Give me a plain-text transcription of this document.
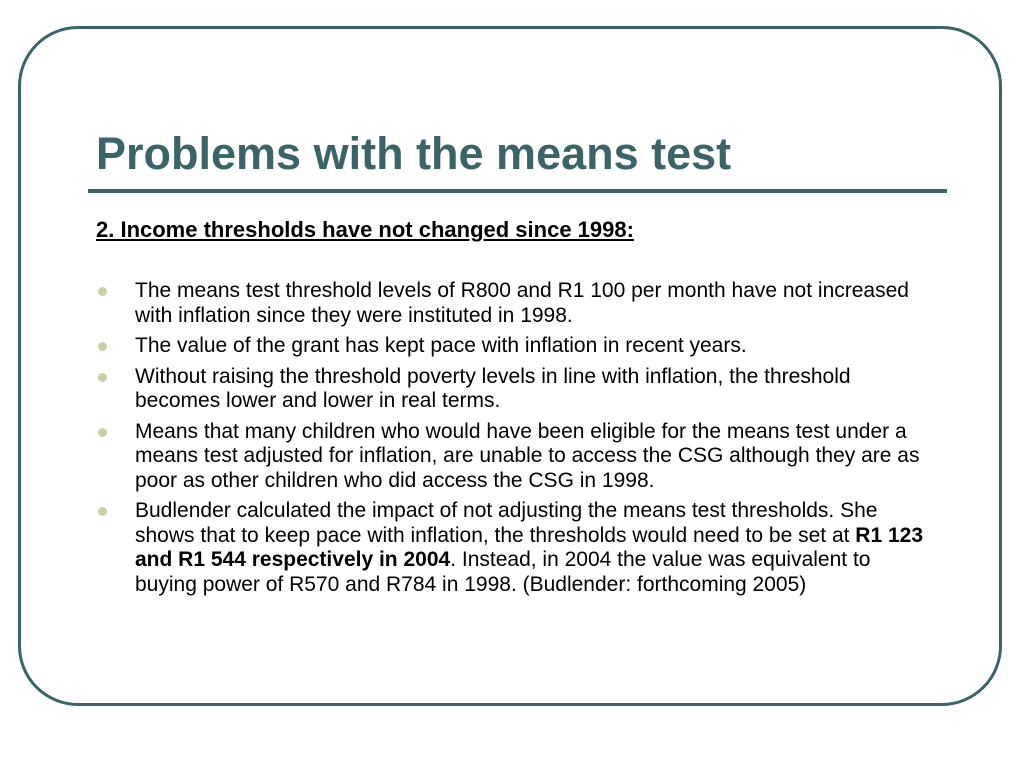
Problems with the means test

2. Income thresholds have not changed since 1998:

The means test threshold levels of R800 and R1 100 per month have not increased with inflation since they were instituted in 1998.
The value of the grant has kept pace with inflation in recent years.
Without raising the threshold poverty levels in line with inflation, the threshold becomes lower and lower in real terms.
Means that many children who would have been eligible for the means test under a means test adjusted for inflation, are unable to access the CSG although they are as poor as other children who did access the CSG in 1998.
Budlender calculated the impact of not adjusting the means test thresholds. She shows that to keep pace with inflation, the thresholds would need to be set at R1 123 and R1 544 respectively in 2004. Instead, in 2004 the value was equivalent to buying power of R570 and R784 in 1998. (Budlender: forthcoming 2005)
